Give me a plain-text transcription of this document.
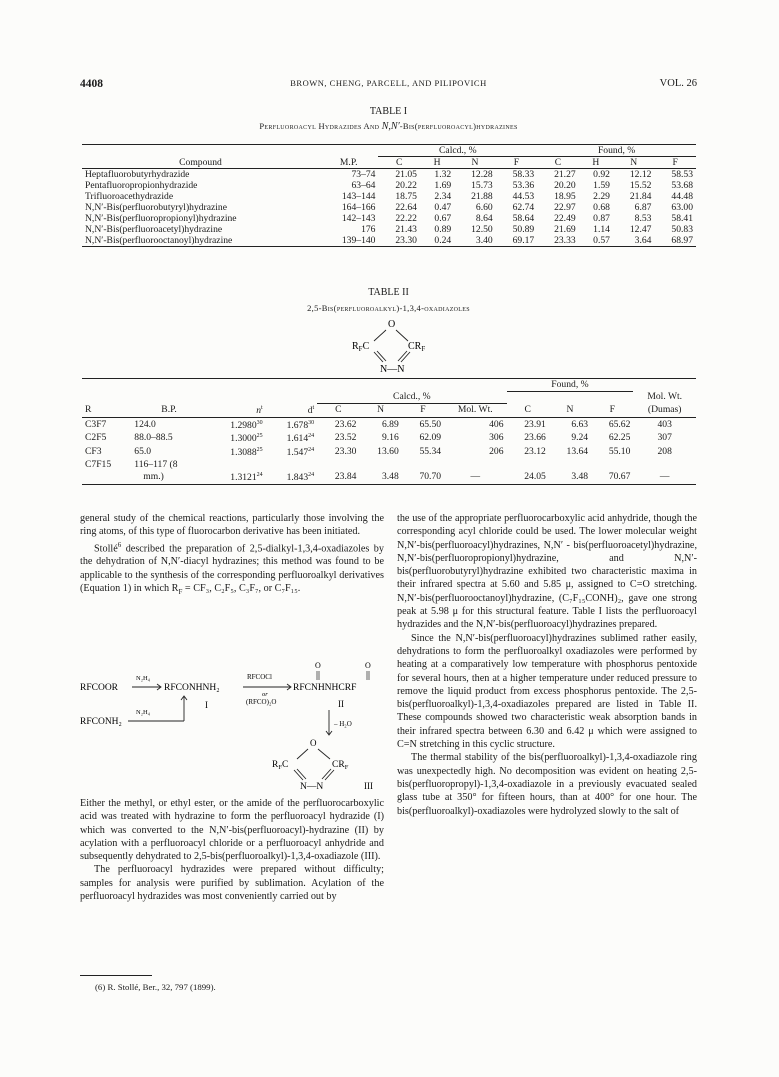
4408	BROWN, CHENG, PARCELL, AND PILIPOVICH	VOL. 26
TABLE I
Perfluoroacyl Hydrazides And N,N′-Bis(perfluoroacyl)hydrazines
		Calcd., %				Found, %			
Compound	M.P.	C	H	N	F	C	H	N	F
Heptafluorobutyrhydrazide	73–74	21.05	1.32	12.28	58.33	21.27	0.92	12.12	58.53
Pentafluoropropionhydrazide	63–64	20.22	1.69	15.73	53.36	20.20	1.59	15.52	53.68
Trifluoroacethydrazide	143–144	18.75	2.34	21.88	44.53	18.95	2.29	21.84	44.48
N,N′-Bis(perfluorobutyryl)hydrazine	164–166	22.64	0.47	6.60	62.74	22.97	0.68	6.87	63.00
N,N′-Bis(perfluoropropionyl)hydrazine	142–143	22.22	0.67	8.64	58.64	22.49	0.87	8.53	58.41
N,N′-Bis(perfluoroacetyl)hydrazine	176	21.43	0.89	12.50	50.89	21.69	1.14	12.47	50.83
N,N′-Bis(perfluorooctanoyl)hydrazine	139–140	23.30	0.24	3.40	69.17	23.33	0.57	3.64	68.97
TABLE II
2,5-Bis(perfluoroalkyl)-1,3,4-oxadiazoles
O
$R_FC$	$CR_F$
N—N
								Found, %			
				Calcd., %							Mol. Wt.
R	B.P.	$n^t$	$d^t$	C	N	F	Mol. Wt.	C	N	F	(Dumas)
C3F7	124.0	1.2980$^{30}$	1.678$^{30}$	23.62	6.89	65.50	406	23.91	6.63	65.62	403
C2F5	88.0–88.5	1.3000$^{25}$	1.614$^{24}$	23.52	9.16	62.09	306	23.66	9.24	62.25	307
CF3	65.0	1.3088$^{25}$	1.547$^{24}$	23.30	13.60	55.34	206	23.12	13.64	55.10	208
C7F15	116–117 (8										
	mm.)	1.3121$^{24}$	1.843$^{24}$	23.84	3.48	70.70	—	24.05	3.48	70.67	—

general study of the chemical reactions, particularly those involving the ring atoms, of this type of fluorocarbon derivative has been initiated.

Stollé$^6$ described the preparation of 2,5-dialkyl-1,3,4-oxadiazoles by the dehydration of N,N′-diacyl hydrazines; this method was found to be applicable to the synthesis of the corresponding perfluoroalkyl derivatives (Equation 1) in which $R_F = CF_3$, C₂F₅, C₃F₇, or C₇F₁₅.

RFCOOR
N₂H₄
RFCONHNH₂
RFCOCl
or
(RFCO)₂O
O	O
RFCNHNHCRF
I	II
RFCONH₂
N₂H₄
– H₂O
O
$R_FC$	$CR_F$
N—N	III

Either the methyl, or ethyl ester, or the amide of the perfluorocarboxylic acid was treated with hydrazine to form the perfluoroacyl hydrazide (I) which was converted to the N,N′-bis(perfluoroacyl)-hydrazine (II) by acylation with a perfluoroacyl chloride or a perfluoroacyl anhydride and subsequently dehydrated to 2,5-bis(perfluoroalkyl)-1,3,4-oxadiazole (III).

The perfluoroacyl hydrazides were prepared without difficulty; samples for analysis were purified by sublimation. Acylation of the perfluoroacyl hydrazides was most conveniently carried out by

(6) R. Stollé, Ber., 32, 797 (1899).

the use of the appropriate perfluorocarboxylic acid anhydride, though the corresponding acyl chloride could be used. The lower molecular weight N,N′-bis(perfluoroacyl)hydrazines, N,N′ - bis(perfluoroacetyl)hydrazine, N,N′-bis(perfluoropropionyl)hydrazine, and N,N′-bis(perfluorobutyryl)hydrazine exhibited two characteristic maxima in their infrared spectra at 5.60 and 5.85 μ, assigned to C=O stretching. N,N′-bis(perfluorooctanoyl)hydrazine, (C₇F₁₅CONH)₂, gave one strong peak at 5.98 μ for this structural feature. Table I lists the perfluoroacyl hydrazides and the N,N′-bis(perfluoroacyl)hydrazines prepared.

Since the N,N′-bis(perfluoroacyl)hydrazines sublimed rather easily, dehydrations to form the perfluoroalkyl oxadiazoles were performed by heating at a comparatively low temperature with phosphorus pentoxide for several hours, then at a higher temperature under reduced pressure to remove the liquid product from excess phosphorus pentoxide. The 2,5-bis(perfluoroalkyl)-1,3,4-oxadiazoles prepared are listed in Table II. These compounds showed two characteristic weak absorption bands in their infrared spectra between 6.30 and 6.42 μ which were assigned to C=N stretching in this cyclic structure.

The thermal stability of the bis(perfluoroalkyl)-1,3,4-oxadiazole ring was unexpectedly high. No decomposition was evident on heating 2,5-bis(perfluoropropyl)-1,3,4-oxadiazole in a previously evacuated sealed glass tube at 350° for fifteen hours, than at 400° for one hour. The bis(perfluoroalkyl)-oxadiazoles were hydrolyzed slowly to the salt of
